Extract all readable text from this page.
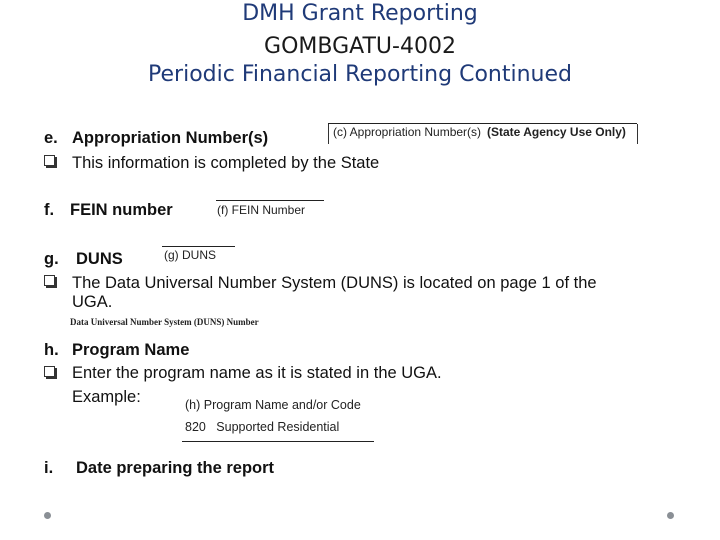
DMH Grant Reporting
GOMBGATU-4002
Periodic Financial Reporting Continued
e. Appropriation Number(s)
This information is completed by the State
(c) Appropriation Number(s) (State Agency Use Only)
f. FEIN number	(f) FEIN Number
g. DUNS	(g) DUNS
The Data Universal Number System (DUNS) is located on page 1 of the
UGA.
Data Universal Number System (DUNS) Number
h. Program Name
Enter the program name as it is stated in the UGA.
Example:	(h) Program Name and/or Code
820   Supported Residential
i. Date preparing the report
